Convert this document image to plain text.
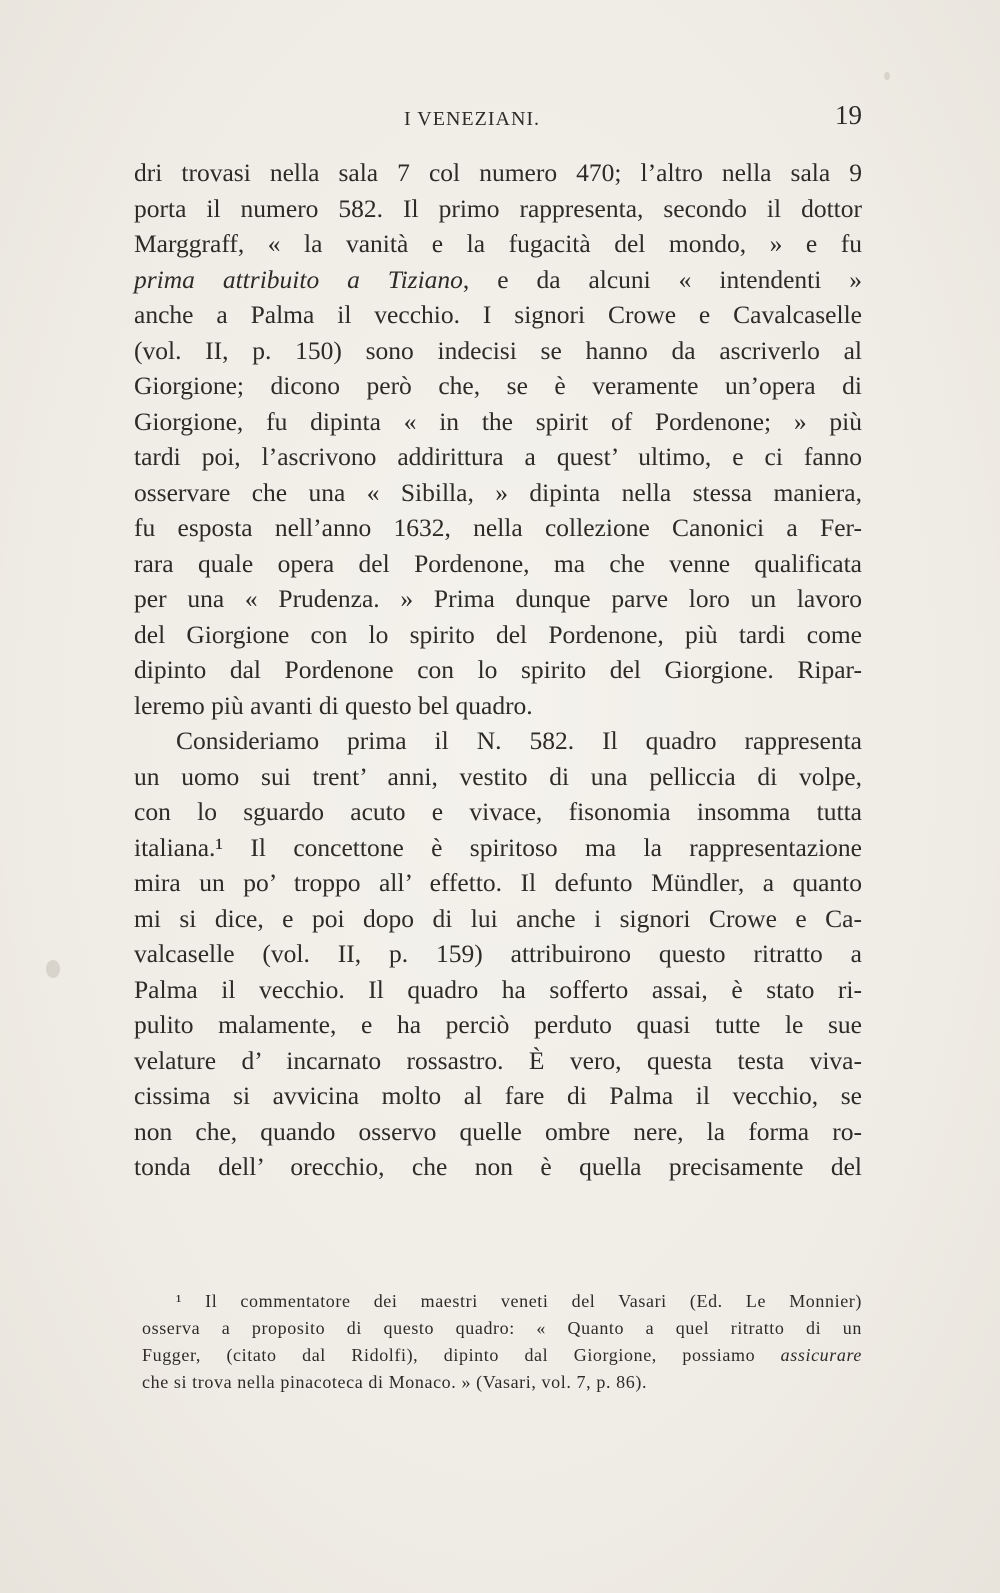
I VENEZIANI.	19
dri trovasi nella sala 7 col numero 470; l’altro nella sala 9
porta il numero 582. Il primo rappresenta, secondo il dottor
Marggraff, « la vanità e la fugacità del mondo, » e fu
prima attribuito a Tiziano, e da alcuni « intendenti »
anche a Palma il vecchio. I signori Crowe e Cavalcaselle
(vol. II, p. 150) sono indecisi se hanno da ascriverlo al
Giorgione; dicono però che, se è veramente un’opera di
Giorgione, fu dipinta « in the spirit of Pordenone; » più
tardi poi, l’ascrivono addirittura a quest’ ultimo, e ci fanno
osservare che una « Sibilla, » dipinta nella stessa maniera,
fu esposta nell’anno 1632, nella collezione Canonici a Fer-
rara quale opera del Pordenone, ma che venne qualificata
per una « Prudenza. » Prima dunque parve loro un lavoro
del Giorgione con lo spirito del Pordenone, più tardi come
dipinto dal Pordenone con lo spirito del Giorgione. Ripar-
leremo più avanti di questo bel quadro.
Consideriamo prima il N. 582. Il quadro rappresenta
un uomo sui trent’ anni, vestito di una pelliccia di volpe,
con lo sguardo acuto e vivace, fisonomia insomma tutta
italiana.¹ Il concettone è spiritoso ma la rappresentazione
mira un po’ troppo all’ effetto. Il defunto Mündler, a quanto
mi si dice, e poi dopo di lui anche i signori Crowe e Ca-
valcaselle (vol. II, p. 159) attribuirono questo ritratto a
Palma il vecchio. Il quadro ha sofferto assai, è stato ri-
pulito malamente, e ha perciò perduto quasi tutte le sue
velature d’ incarnato rossastro. È vero, questa testa viva-
cissima si avvicina molto al fare di Palma il vecchio, se
non che, quando osservo quelle ombre nere, la forma ro-
tonda dell’ orecchio, che non è quella precisamente del
¹ Il commentatore dei maestri veneti del Vasari (Ed. Le Monnier)
osserva a proposito di questo quadro: « Quanto a quel ritratto di un
Fugger, (citato dal Ridolfi), dipinto dal Giorgione, possiamo assicurare
che si trova nella pinacoteca di Monaco. » (Vasari, vol. 7, p. 86).
